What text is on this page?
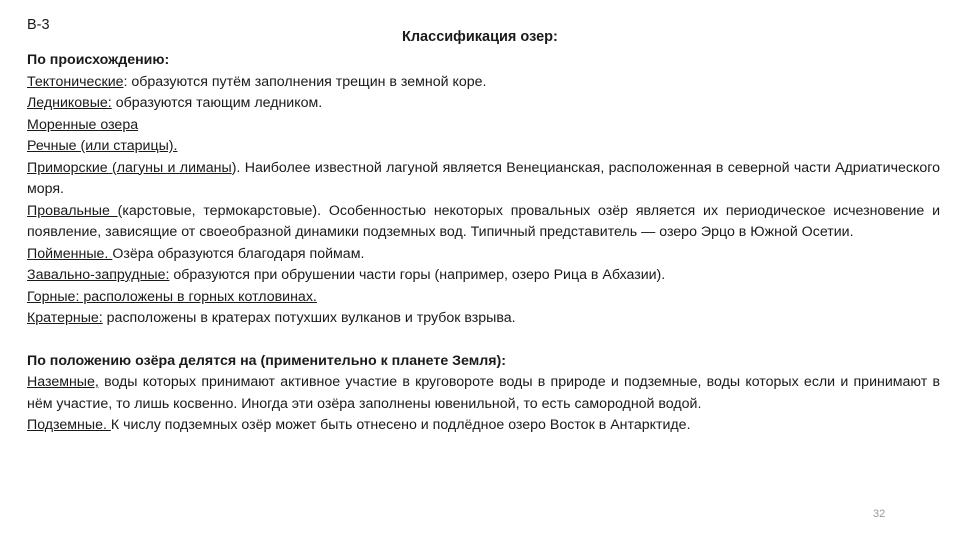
В-3
Классификация озер:

По происхождению:

Тектонические: образуются путём заполнения трещин в земной коре.

Ледниковые: образуются тающим ледником.

Моренные озера

Речные (или старицы).

Приморские (лагуны и лиманы). Наиболее известной лагуной является Венецианская, расположенная в северной части Адриатического моря.

Провальные (карстовые, термокарстовые). Особенностью некоторых провальных озёр является их периодическое исчезновение и появление, зависящие от своеобразной динамики подземных вод. Типичный представитель — озеро Эрцо в Южной Осетии.

Пойменные. Озёра образуются благодаря поймам.

Завально-запрудные: образуются при обрушении части горы (например, озеро Рица в Абхазии).

Горные: расположены в горных котловинах.

Кратерные: расположены в кратерах потухших вулканов и трубок взрыва.

По положению озёра делятся на (применительно к планете Земля):

Наземные, воды которых принимают активное участие в круговороте воды в природе и подземные, воды которых если и принимают в нём участие, то лишь косвенно. Иногда эти озёра заполнены ювенильной, то есть самородной водой.

Подземные. К числу подземных озёр может быть отнесено и подлёдное озеро Восток в Антарктиде.

32
